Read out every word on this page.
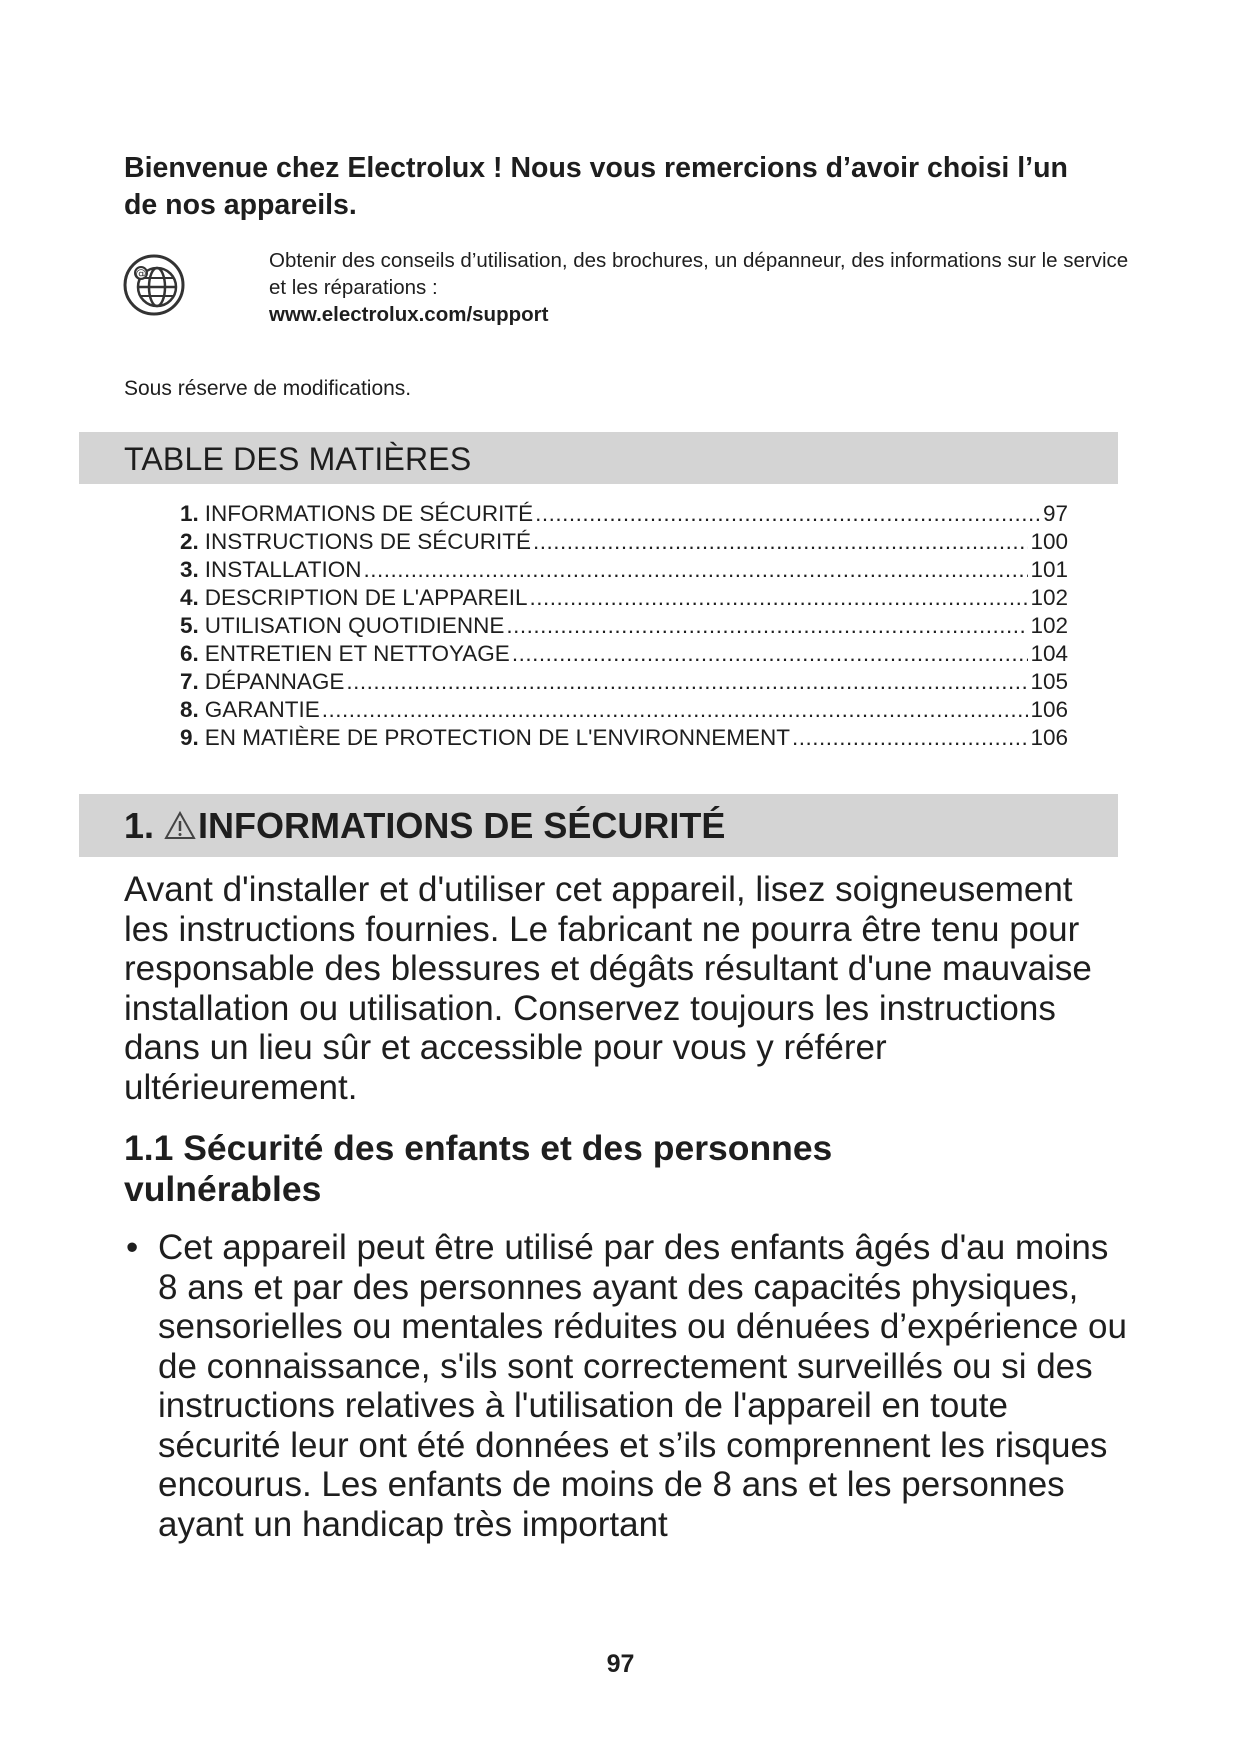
Bienvenue chez Electrolux ! Nous vous remercions d’avoir choisi l’un de nos appareils.
@
Obtenir des conseils d’utilisation, des brochures, un dépanneur, des informations sur le service et les réparations :
www.electrolux.com/support
Sous réserve de modifications.
TABLE DES MATIÈRES
1. INFORMATIONS DE SÉCURITÉ .....	97
2. INSTRUCTIONS DE SÉCURITÉ .....	100
3. INSTALLATION .....	101
4. DESCRIPTION DE L'APPAREIL .....	102
5. UTILISATION QUOTIDIENNE .....	102
6. ENTRETIEN ET NETTOYAGE .....	104
7. DÉPANNAGE .....	105
8. GARANTIE .....	106
9. EN MATIÈRE DE PROTECTION DE L'ENVIRONNEMENT .....	106
1. INFORMATIONS DE SÉCURITÉ

Avant d'installer et d'utiliser cet appareil, lisez soigneusement les instructions fournies. Le fabricant ne pourra être tenu pour responsable des blessures et dégâts résultant d'une mauvaise installation ou utilisation. Conservez toujours les instructions dans un lieu sûr et accessible pour vous y référer ultérieurement.

1.1 Sécurité des enfants et des personnes vulnérables
• Cet appareil peut être utilisé par des enfants âgés d'au moins 8 ans et par des personnes ayant des capacités physiques, sensorielles ou mentales réduites ou dénuées d’expérience ou de connaissance, s'ils sont correctement surveillés ou si des instructions relatives à l'utilisation de l'appareil en toute sécurité leur ont été données et s’ils comprennent les risques encourus. Les enfants de moins de 8 ans et les personnes ayant un handicap très important

97
